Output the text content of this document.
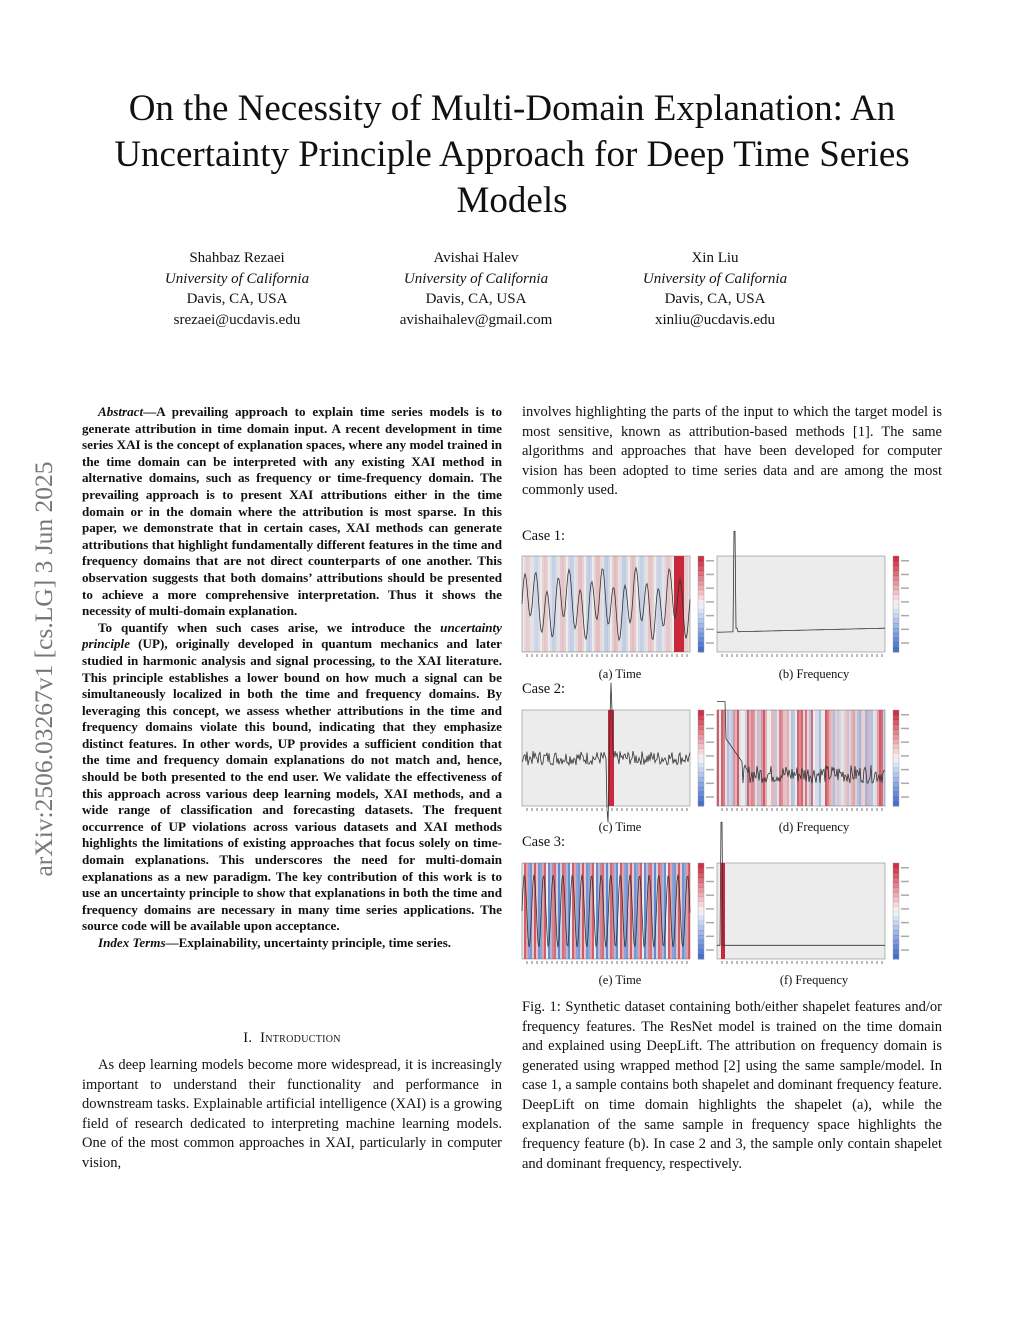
On the Necessity of Multi-Domain Explanation: An Uncertainty Principle Approach for Deep Time Series Models
Shahbaz Rezaei
University of California
Davis, CA, USA
srezaei@ucdavis.edu
Avishai Halev
University of California
Davis, CA, USA
avishaihalev@gmail.com
Xin Liu
University of California
Davis, CA, USA
xinliu@ucdavis.edu
arXiv:2506.03267v1 [cs.LG] 3 Jun 2025

Abstract—A prevailing approach to explain time series models is to generate attribution in time domain input. A recent development in time series XAI is the concept of explanation spaces, where any model trained in the time domain can be interpreted with any existing XAI method in alternative domains, such as frequency or time-frequency domain. The prevailing approach is to present XAI attributions either in the time domain or in the domain where the attribution is most sparse. In this paper, we demonstrate that in certain cases, XAI methods can generate attributions that highlight fundamentally different features in the time and frequency domains that are not direct counterparts of one another. This observation suggests that both domains’ attributions should be presented to achieve a more comprehensive interpretation. Thus it shows the necessity of multi-domain explanation.

To quantify when such cases arise, we introduce the uncertainty principle (UP), originally developed in quantum mechanics and later studied in harmonic analysis and signal processing, to the XAI literature. This principle establishes a lower bound on how much a signal can be simultaneously localized in both the time and frequency domains. By leveraging this concept, we assess whether attributions in the time and frequency domains violate this bound, indicating that they emphasize distinct features. In other words, UP provides a sufficient condition that the time and frequency domain explanations do not match and, hence, should be both presented to the end user. We validate the effectiveness of this approach across various deep learning models, XAI methods, and a wide range of classification and forecasting datasets. The frequent occurrence of UP violations across various datasets and XAI methods highlights the limitations of existing approaches that focus solely on time-domain explanations. This underscores the need for multi-domain explanations as a new paradigm. The key contribution of this work is to use an uncertainty principle to show that explanations in both the time and frequency domains are necessary in many time series applications. The source code will be available upon acceptance.

Index Terms—Explainability, uncertainty principle, time series.

I. Introduction

As deep learning models become more widespread, it is increasingly important to understand their functionality and performance in downstream tasks. Explainable artificial intelligence (XAI) is a growing field of research dedicated to interpreting machine learning models. One of the most common approaches in XAI, particularly in computer vision,

involves highlighting the parts of the input to which the target model is most sensitive, known as attribution-based methods [1]. The same algorithms and approaches that have been developed for computer vision has been adopted to time series data and are among the most commonly used.
Case 1:
Case 2:
Case 3:
(a) Time	(b) Frequency
(c) Time	(d) Frequency
(e) Time	(f) Frequency
Fig. 1: Synthetic dataset containing both/either shapelet features and/or frequency features. The ResNet model is trained on the time domain and explained using DeepLift. The attribution on frequency domain is generated using wrapped method [2] using the same sample/model. In case 1, a sample contains both shapelet and dominant frequency feature. DeepLift on time domain highlights the shapelet (a), while the explanation of the same sample in frequency space highlights the frequency feature (b). In case 2 and 3, the sample only contain shapelet and dominant frequency, respectively.
